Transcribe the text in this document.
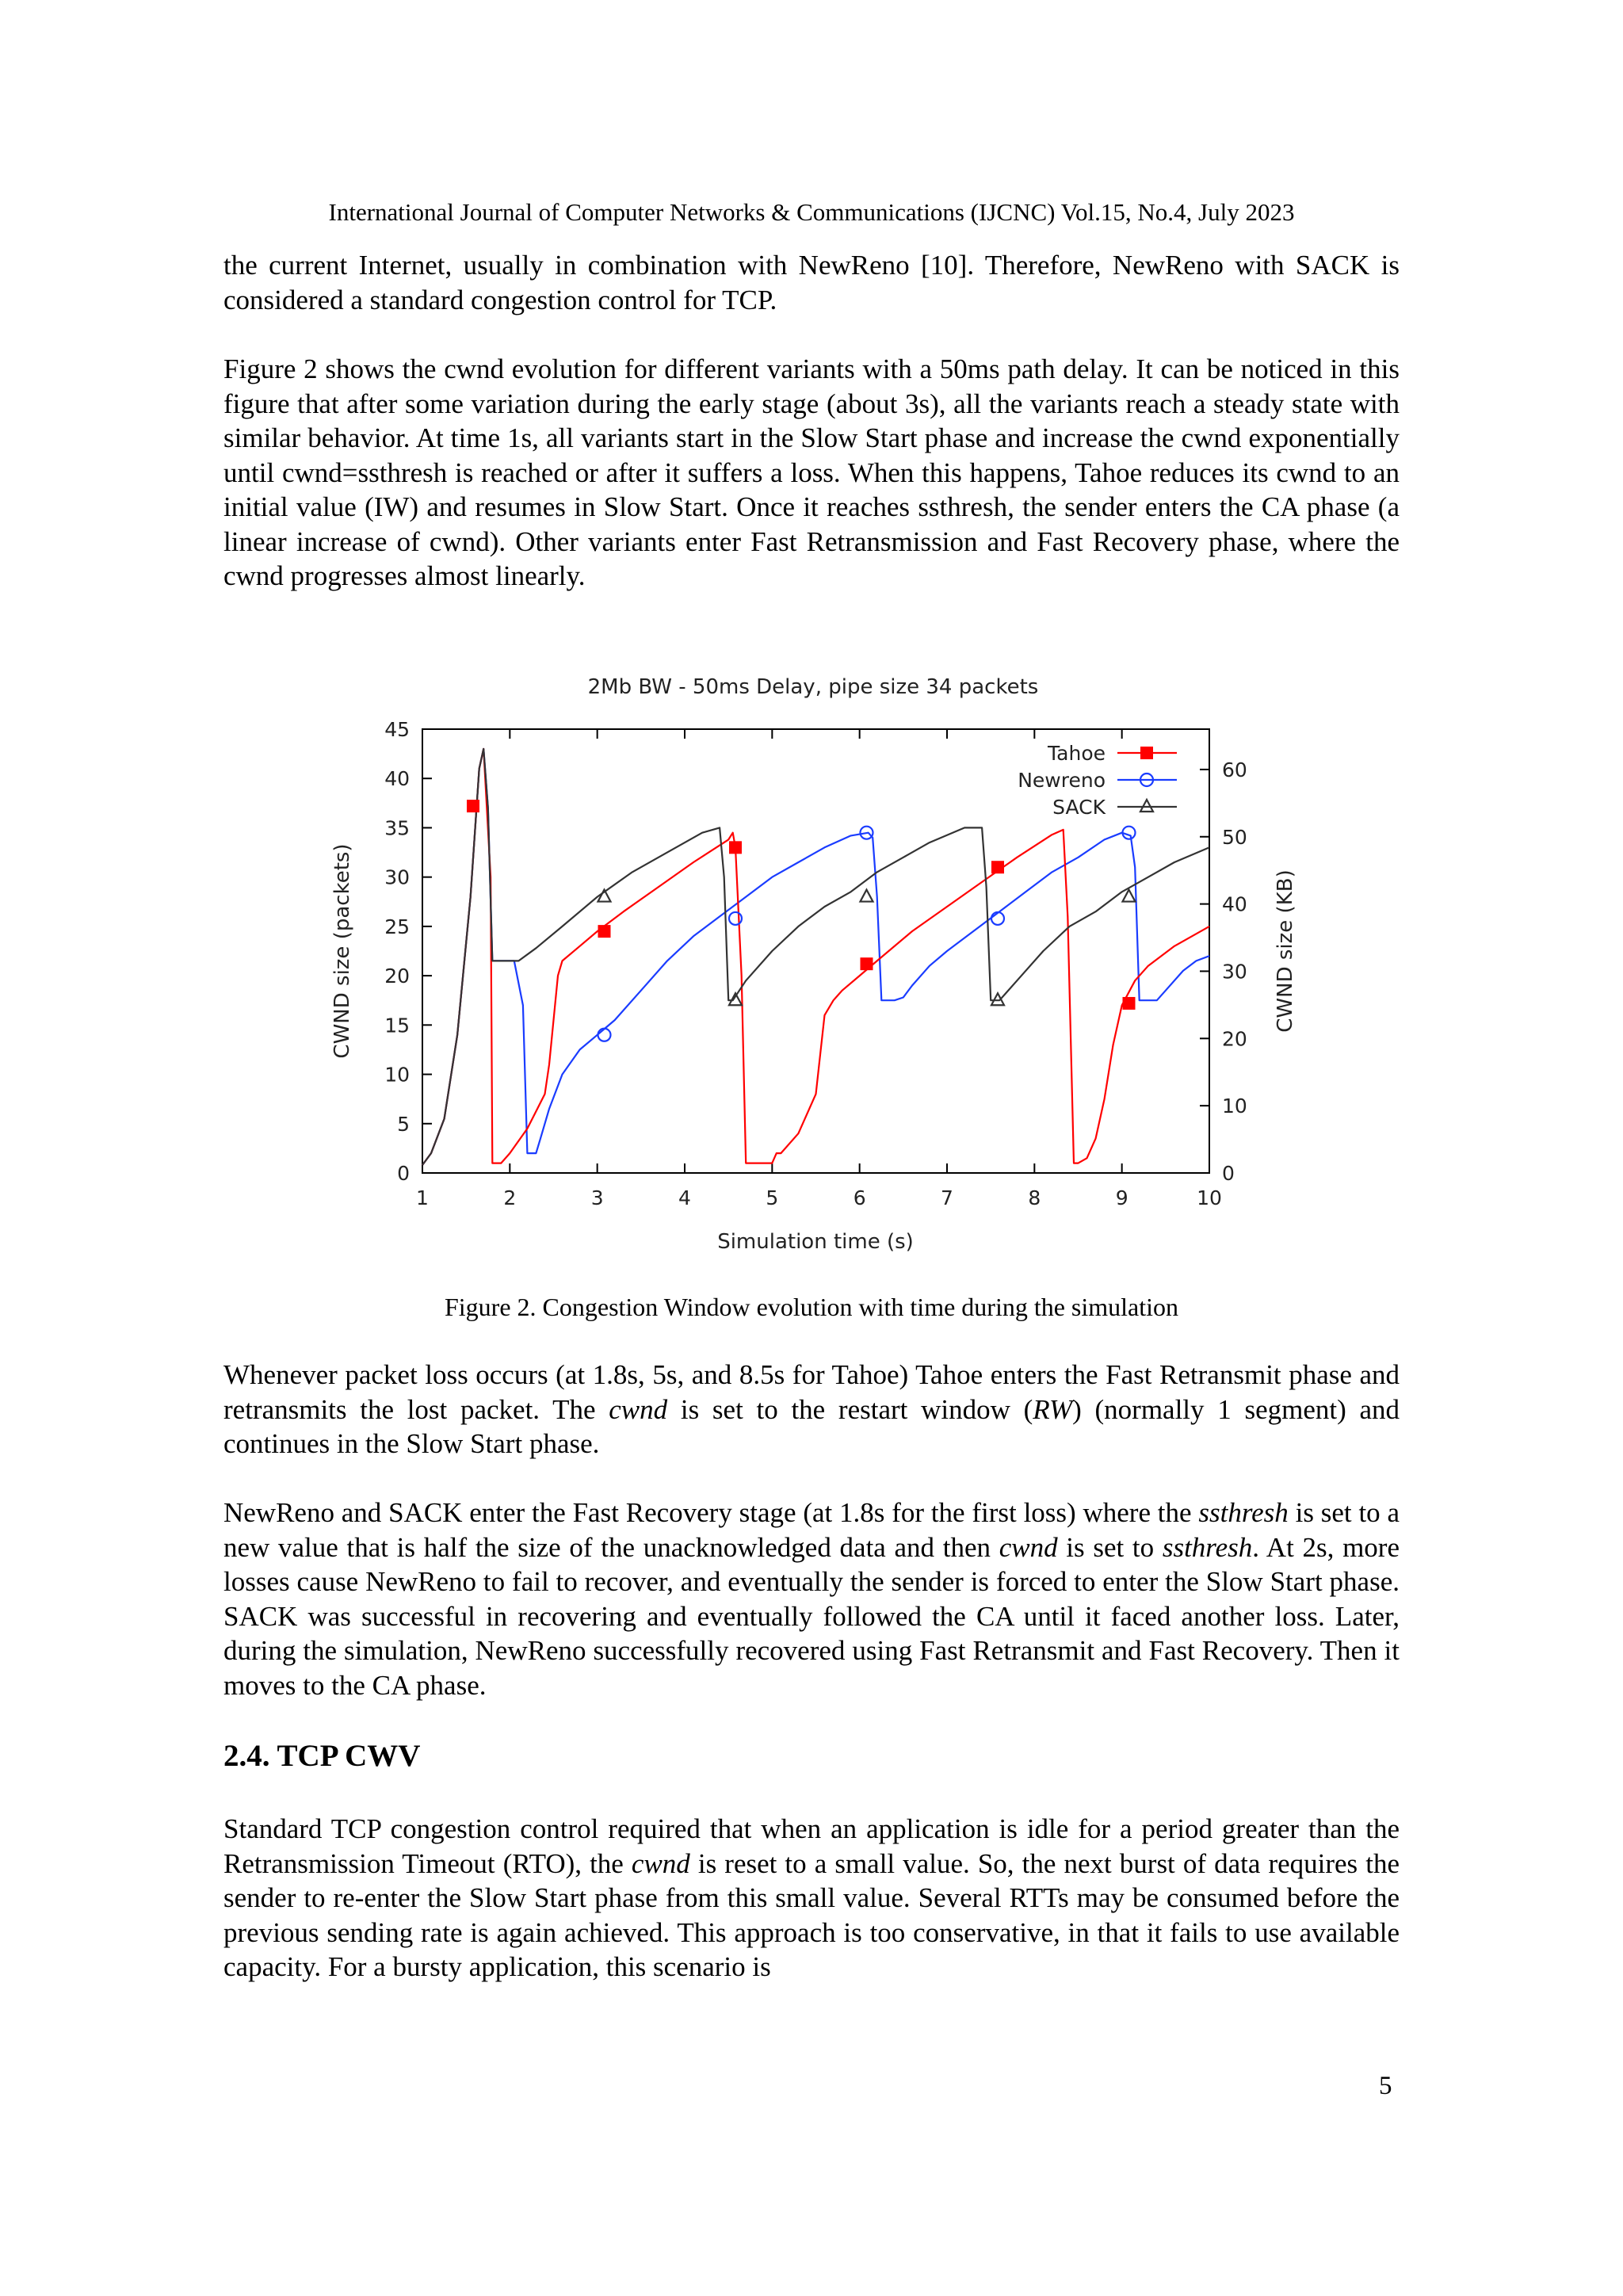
International Journal of Computer Networks & Communications (IJCNC) Vol.15, No.4, July 2023

the current Internet, usually in combination with NewReno [10]. Therefore, NewReno with SACK is considered a standard congestion control for TCP.

Figure 2 shows the cwnd evolution for different variants with a 50ms path delay. It can be noticed in this figure that after some variation during the early stage (about 3s), all the variants reach a steady state with similar behavior. At time 1s, all variants start in the Slow Start phase and increase the cwnd exponentially until cwnd=ssthresh is reached or after it suffers a loss. When this happens, Tahoe reduces its cwnd to an initial value (IW) and resumes in Slow Start. Once it reaches ssthresh, the sender enters the CA phase (a linear increase of cwnd). Other variants enter Fast Retransmission and Fast Recovery phase, where the cwnd progresses almost linearly.

2Mb BW - 50ms Delay, pipe size 34 packets
0
5
10
15
20
25
30
35
40
45
0
10
20
30
40
50
60
1	2	3	4	5	6	7	8	9	10
Tahoe
Newreno
SACK
Simulation time (s)
CWND size (packets)	CWND size (KB)
Figure 2. Congestion Window evolution with time during the simulation

Whenever packet loss occurs (at 1.8s, 5s, and 8.5s for Tahoe) Tahoe enters the Fast Retransmit phase and retransmits the lost packet. The cwnd is set to the restart window (RW) (normally 1 segment) and continues in the Slow Start phase.

NewReno and SACK enter the Fast Recovery stage (at 1.8s for the first loss) where the ssthresh is set to a new value that is half the size of the unacknowledged data and then cwnd is set to ssthresh. At 2s, more losses cause NewReno to fail to recover, and eventually the sender is forced to enter the Slow Start phase. SACK was successful in recovering and eventually followed the CA until it faced another loss. Later, during the simulation, NewReno successfully recovered using Fast Retransmit and Fast Recovery. Then it moves to the CA phase.

2.4. TCP CWV

Standard TCP congestion control required that when an application is idle for a period greater than the Retransmission Timeout (RTO), the cwnd is reset to a small value. So, the next burst of data requires the sender to re-enter the Slow Start phase from this small value. Several RTTs may be consumed before the previous sending rate is again achieved. This approach is too conservative, in that it fails to use available capacity. For a bursty application, this scenario is

5
